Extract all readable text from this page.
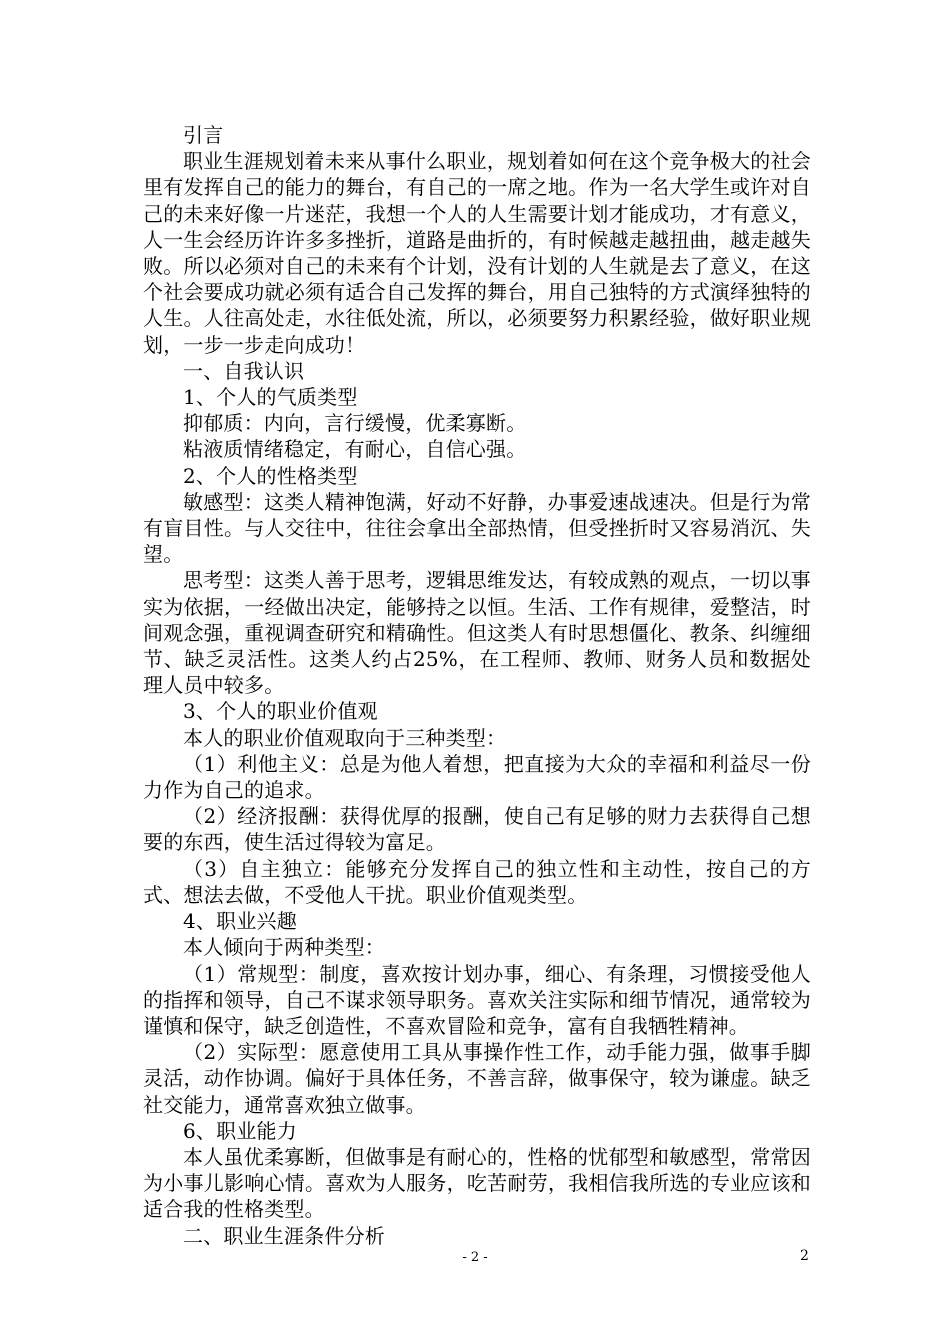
引言

职业生涯规划着未来从事什么职业，规划着如何在这个竞争极大的社会里有发挥自己的能力的舞台，有自己的一席之地。作为一名大学生或许对自己的未来好像一片迷茫，我想一个人的人生需要计划才能成功，才有意义，人一生会经历许许多多挫折，道路是曲折的，有时候越走越扭曲，越走越失败。所以必须对自己的未来有个计划，没有计划的人生就是去了意义，在这个社会要成功就必须有适合自己发挥的舞台，用自己独特的方式演绎独特的人生。人往高处走，水往低处流，所以，必须要努力积累经验，做好职业规划，一步一步走向成功！

一、自我认识

1、个人的气质类型

抑郁质：内向，言行缓慢，优柔寡断。

粘液质情绪稳定，有耐心，自信心强。

2、个人的性格类型

敏感型：这类人精神饱满，好动不好静，办事爱速战速决。但是行为常有盲目性。与人交往中，往往会拿出全部热情，但受挫折时又容易消沉、失望。

思考型：这类人善于思考，逻辑思维发达，有较成熟的观点，一切以事实为依据，一经做出决定，能够持之以恒。生活、工作有规律，爱整洁，时间观念强，重视调查研究和精确性。但这类人有时思想僵化、教条、纠缠细节、缺乏灵活性。这类人约占25%，在工程师、教师、财务人员和数据处理人员中较多。

3、个人的职业价值观

本人的职业价值观取向于三种类型：

（1）利他主义：总是为他人着想，把直接为大众的幸福和利益尽一份力作为自己的追求。

（2）经济报酬：获得优厚的报酬，使自己有足够的财力去获得自己想要的东西，使生活过得较为富足。

（3）自主独立：能够充分发挥自己的独立性和主动性，按自己的方式、想法去做，不受他人干扰。职业价值观类型。

4、职业兴趣

本人倾向于两种类型：

（1）常规型：制度，喜欢按计划办事，细心、有条理，习惯接受他人的指挥和领导，自己不谋求领导职务。喜欢关注实际和细节情况，通常较为谨慎和保守，缺乏创造性，不喜欢冒险和竞争，富有自我牺牲精神。

（2）实际型：愿意使用工具从事操作性工作，动手能力强，做事手脚灵活，动作协调。偏好于具体任务，不善言辞，做事保守，较为谦虚。缺乏社交能力，通常喜欢独立做事。

6、职业能力

本人虽优柔寡断，但做事是有耐心的，性格的忧郁型和敏感型，常常因为小事儿影响心情。喜欢为人服务，吃苦耐劳，我相信我所选的专业应该和适合我的性格类型。

二、职业生涯条件分析

- 2 -	2
